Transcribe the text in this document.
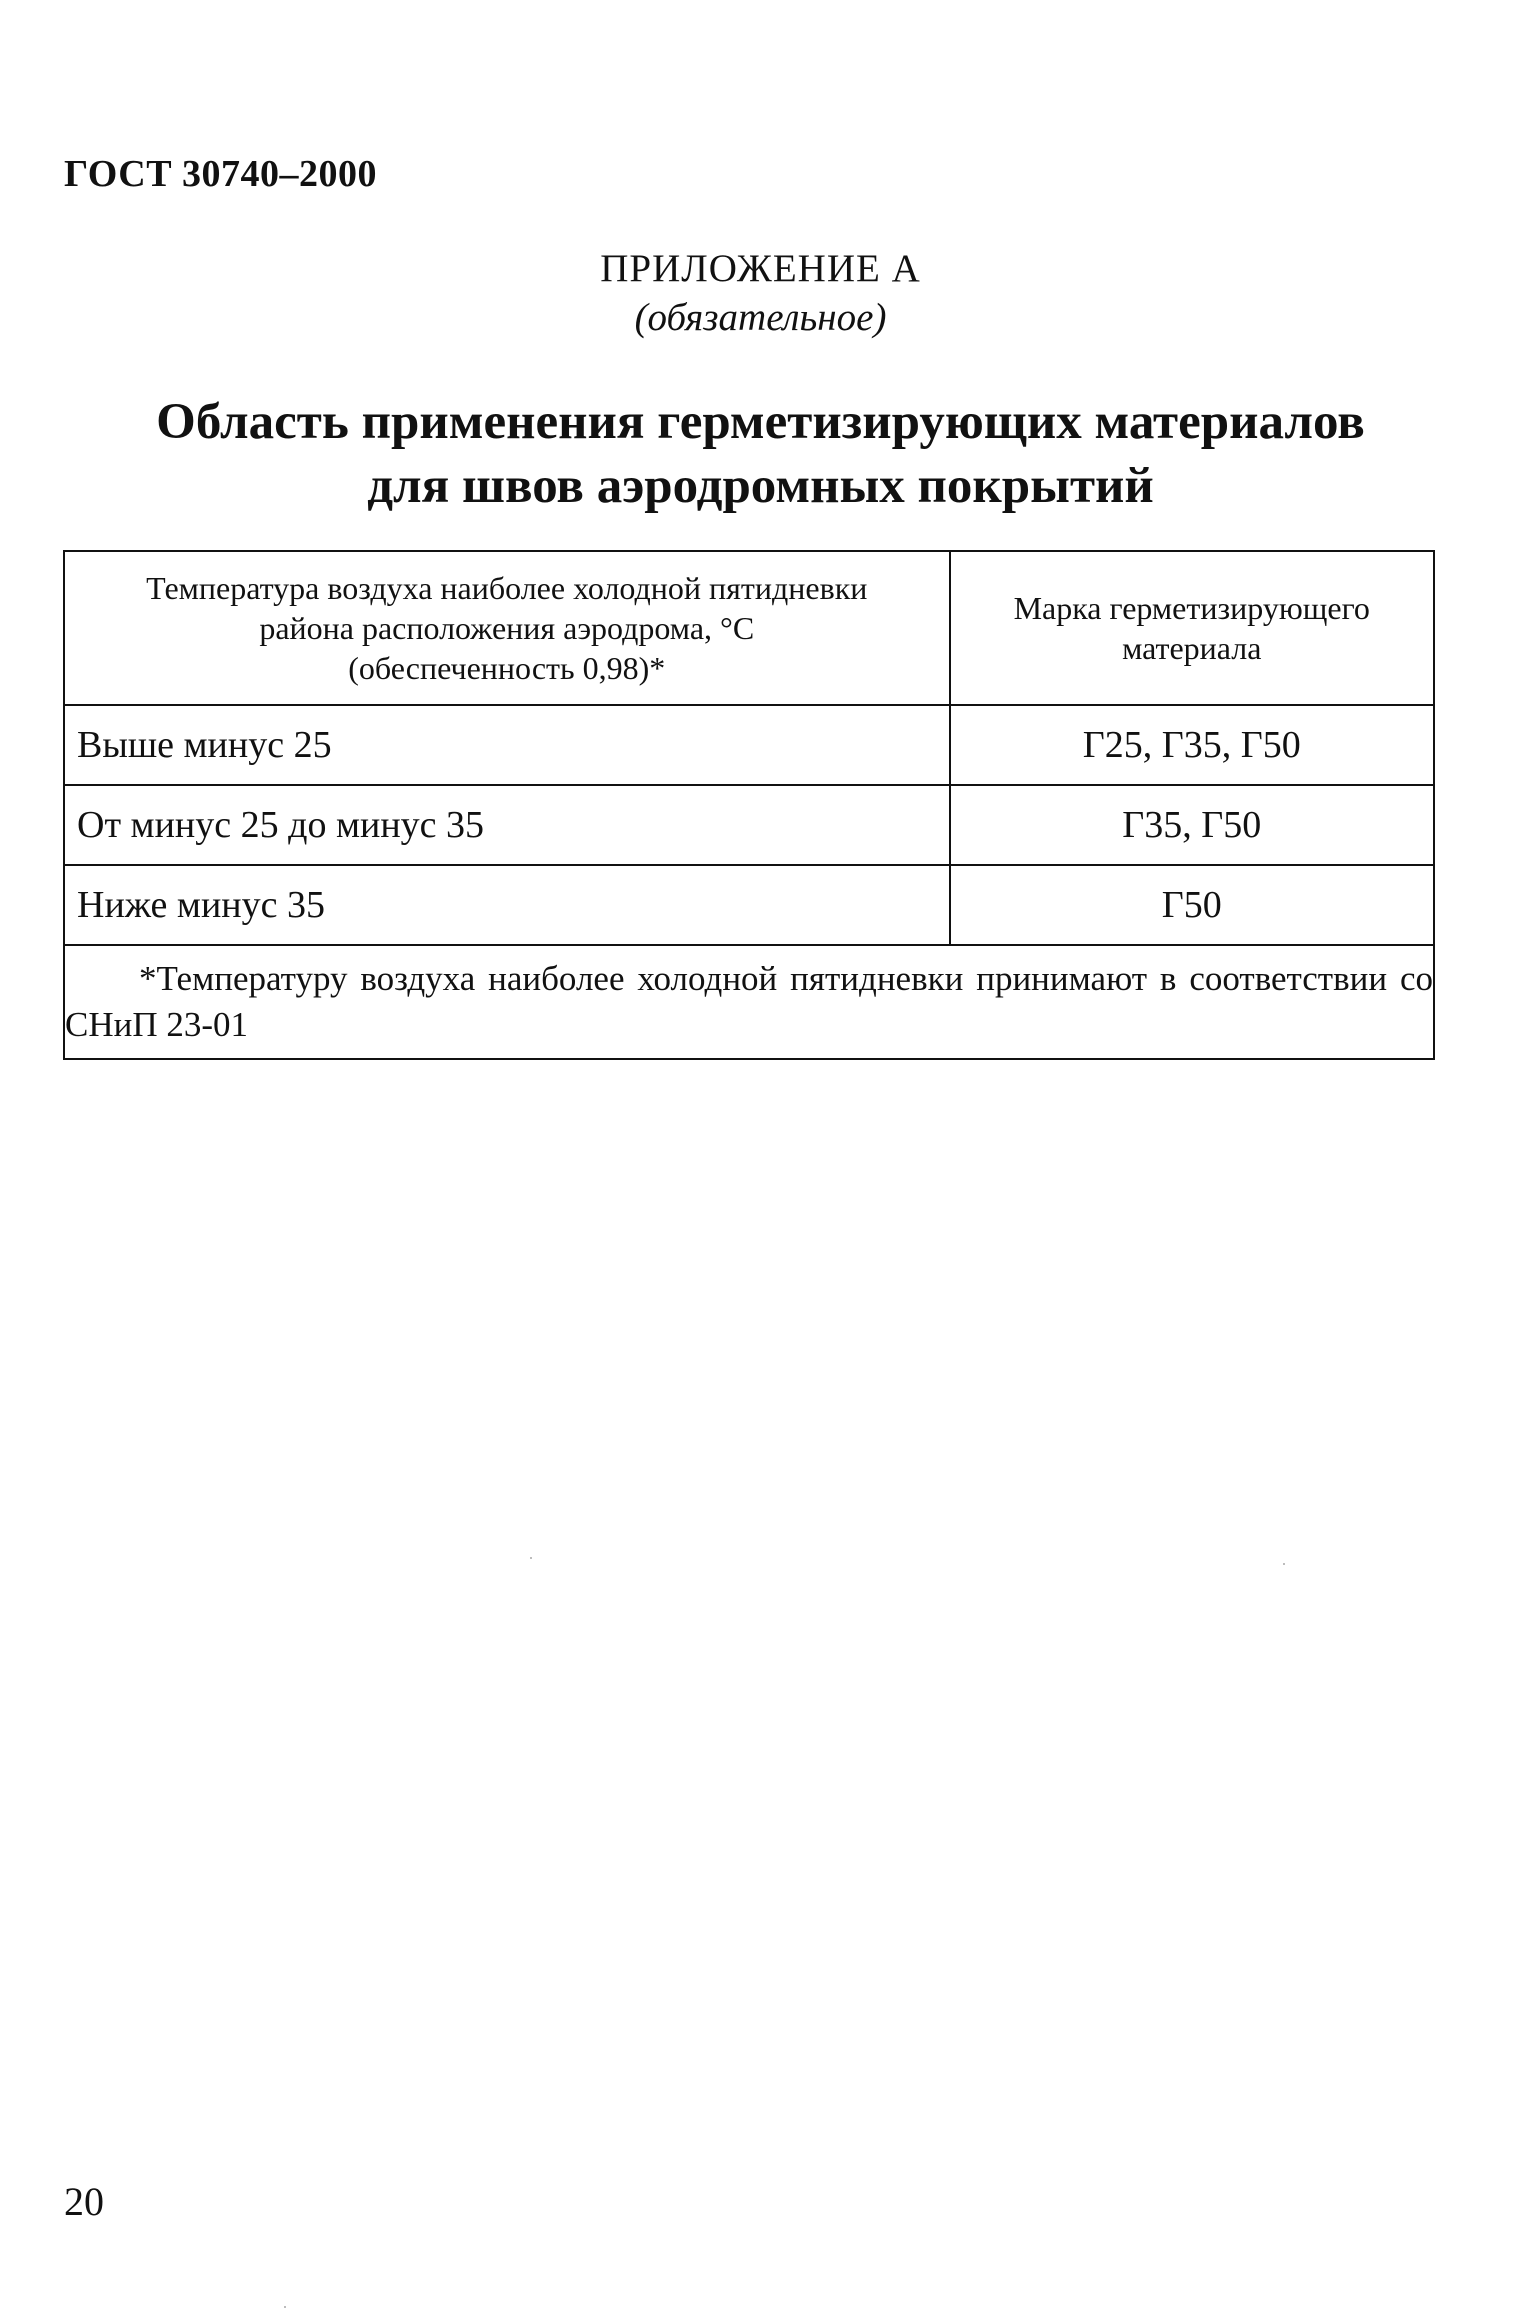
ГОСТ 30740–2000
ПРИЛОЖЕНИЕ А
(обязательное)
Область применения герметизирующих материалов
для швов аэродромных покрытий
Температура воздуха наиболее холодной пятидневки
района расположения аэродрома, °С
(обеспеченность 0,98)*	Марка герметизирующего
материала

Выше минус 25	Г25, Г35, Г50
От минус 25 до минус 35	Г35, Г50
Ниже минус 35	Г50
*Температуру воздуха наиболее холодной пятидневки принимают в соответствии со СНиП 23-01	
20
